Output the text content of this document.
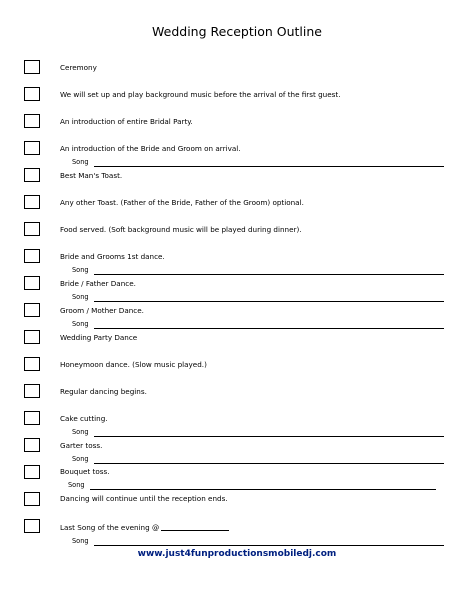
Wedding Reception Outline
Ceremony
We will set up and play background music before the arrival of the first guest.
An introduction of entire Bridal Party.
An introduction of the Bride and Groom on arrival.
Song
Best Man's Toast.
Any other Toast. (Father of the Bride, Father of the Groom) optional.
Food served. (Soft background music will be played during dinner).
Bride and Grooms 1st dance.
Song
Bride / Father Dance.
Song
Groom / Mother Dance.
Song
Wedding Party Dance
Honeymoon dance. (Slow music played.)
Regular dancing begins.
Cake cutting.
Song
Garter toss.
Song
Bouquet toss.
Song
Dancing will continue until the reception ends.
Last Song of the evening @
Song
www.just4funproductionsmobiledj.com
